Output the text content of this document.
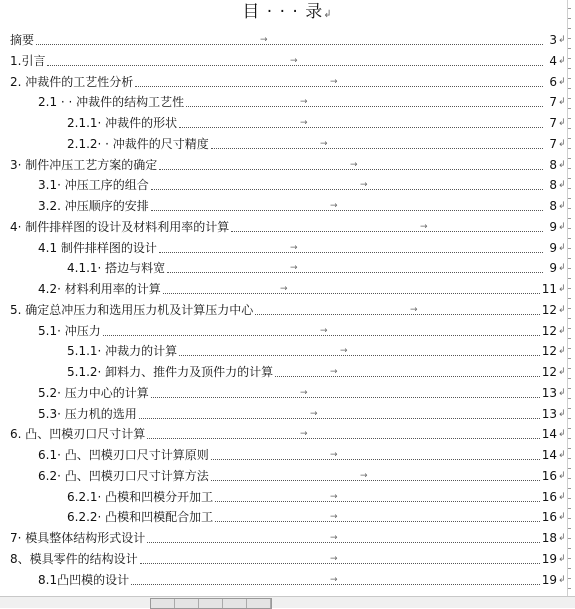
目 · · · 录↲
摘要	→	3 ↲
1.引言	→	4 ↲
2. 冲裁件的工艺性分析	→	6 ↲
2.1 · · 冲裁件的结构工艺性	→	7 ↲
2.1.1· 冲裁件的形状	→	7 ↲
2.1.2· · 冲裁件的尺寸精度	→	7 ↲
3· 制件冲压工艺方案的确定	→	8 ↲
3.1· 冲压工序的组合	→	8 ↲
3.2. 冲压顺序的安排	→	8 ↲
4· 制件排样图的设计及材料利用率的计算	→	9 ↲
4.1 制件排样图的设计	→	9 ↲
4.1.1· 搭边与料宽	→	9 ↲
4.2· 材料利用率的计算	→	11 ↲
5. 确定总冲压力和选用压力机及计算压力中心	→	12 ↲
5.1· 冲压力	→	12 ↲
5.1.1· 冲裁力的计算	→	12 ↲
5.1.2· 卸料力、推件力及顶件力的计算	→	12 ↲
5.2· 压力中心的计算	→	13 ↲
5.3· 压力机的选用	→	13 ↲
6. 凸、凹模刃口尺寸计算	→	14 ↲
6.1· 凸、凹模刃口尺寸计算原则	→	14 ↲
6.2· 凸、凹模刃口尺寸计算方法	→	16 ↲
6.2.1· 凸模和凹模分开加工	→	16 ↲
6.2.2· 凸模和凹模配合加工	→	16 ↲
7· 模具整体结构形式设计	→	18 ↲
8、模具零件的结构设计	→	19 ↲
8.1凸凹模的设计	→	19 ↲
